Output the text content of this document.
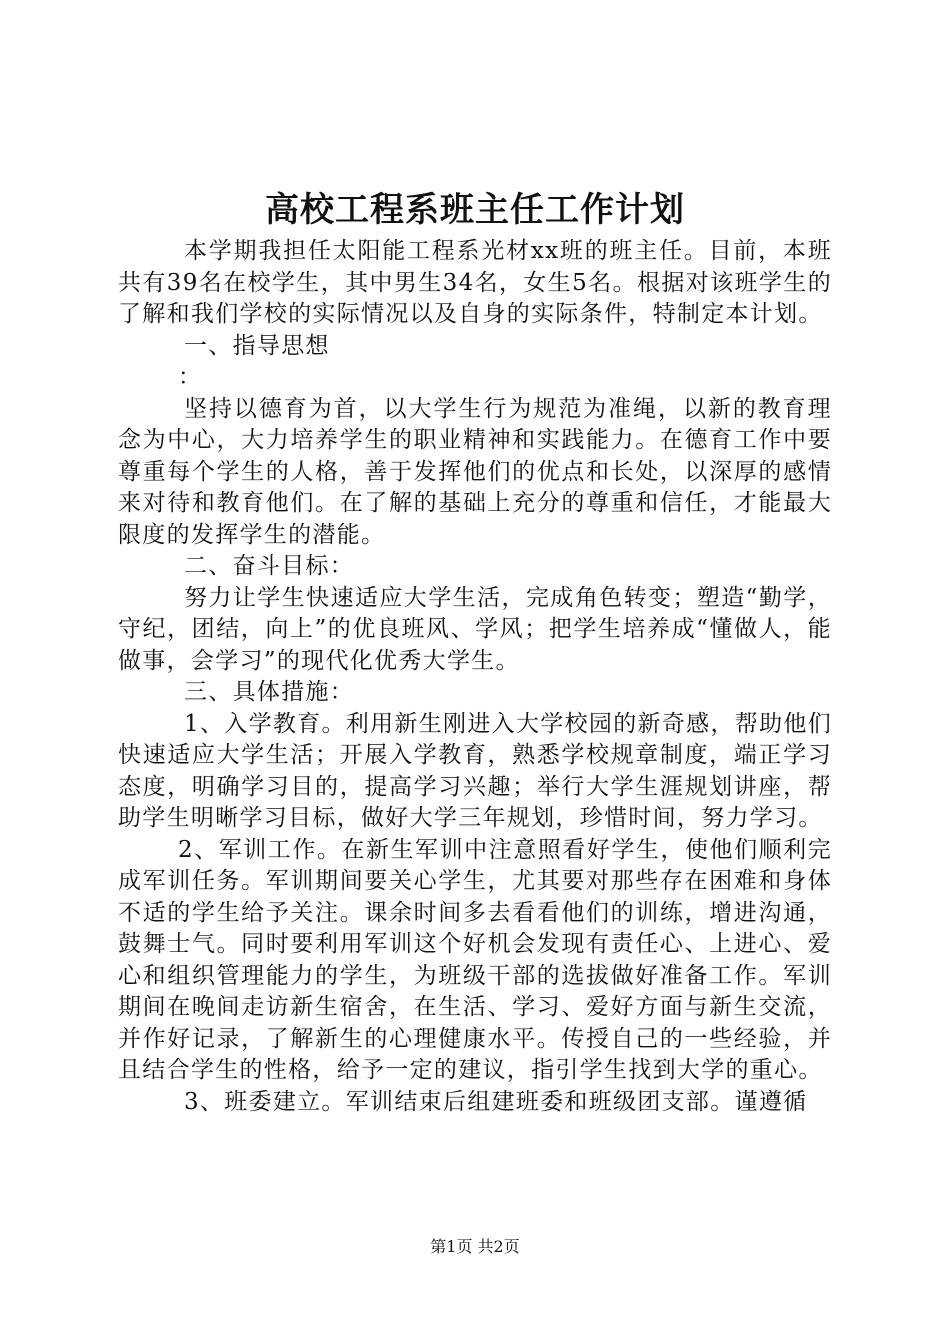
高校工程系班主任工作计划

本学期我担任太阳能工程系光材xx班的班主任。目前，本班共有39名在校学生，其中男生34名，女生5名。根据对该班学生的了解和我们学校的实际情况以及自身的实际条件，特制定本计划。

一、指导思想

：

坚持以德育为首，以大学生行为规范为准绳，以新的教育理念为中心，大力培养学生的职业精神和实践能力。在德育工作中要尊重每个学生的人格，善于发挥他们的优点和长处，以深厚的感情来对待和教育他们。在了解的基础上充分的尊重和信任，才能最大限度的发挥学生的潜能。

二、奋斗目标：

努力让学生快速适应大学生活，完成角色转变；塑造“勤学，守纪，团结，向上”的优良班风、学风；把学生培养成“懂做人，能做事，会学习”的现代化优秀大学生。

三、具体措施：

1、入学教育。利用新生刚进入大学校园的新奇感，帮助他们快速适应大学生活；开展入学教育，熟悉学校规章制度，端正学习态度，明确学习目的，提高学习兴趣；举行大学生涯规划讲座，帮助学生明晰学习目标，做好大学三年规划，珍惜时间，努力学习。

2、军训工作。在新生军训中注意照看好学生，使他们顺利完成军训任务。军训期间要关心学生，尤其要对那些存在困难和身体不适的学生给予关注。课余时间多去看看他们的训练，增进沟通，鼓舞士气。同时要利用军训这个好机会发现有责任心、上进心、爱心和组织管理能力的学生，为班级干部的选拔做好准备工作。军训期间在晚间走访新生宿舍，在生活、学习、爱好方面与新生交流，并作好记录，了解新生的心理健康水平。传授自己的一些经验，并且结合学生的性格，给予一定的建议，指引学生找到大学的重心。

3、班委建立。军训结束后组建班委和班级团支部。谨遵循

第1页 共2页
